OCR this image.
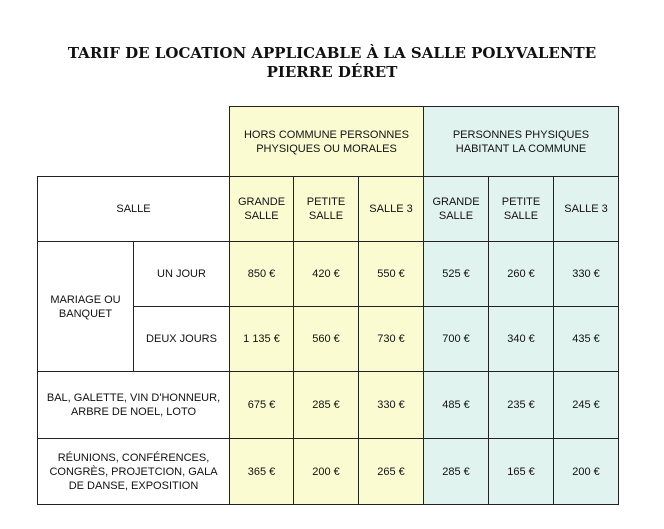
TARIF DE LOCATION APPLICABLE À LA SALLE POLYVALENTE
PIERRE DÉRET
		HORS COMMUNE PERSONNES PHYSIQUES OU MORALES			PERSONNES PHYSIQUES HABITANT LA COMMUNE		
SALLE		GRANDE SALLE	PETITE SALLE	SALLE 3	GRANDE SALLE	PETITE SALLE	SALLE 3
MARIAGE OU BANQUET	UN JOUR	850 €	420 €	550 €	525 €	260 €	330 €
	DEUX JOURS	1 135 €	560 €	730 €	700 €	340 €	435 €
BAL, GALETTE, VIN D'HONNEUR, ARBRE DE NOEL, LOTO		675 €	285 €	330 €	485 €	235 €	245 €
RÉUNIONS, CONFÉRENCES, CONGRÈS, PROJETCION, GALA DE DANSE, EXPOSITION		365 €	200 €	265 €	285 €	165 €	200 €
